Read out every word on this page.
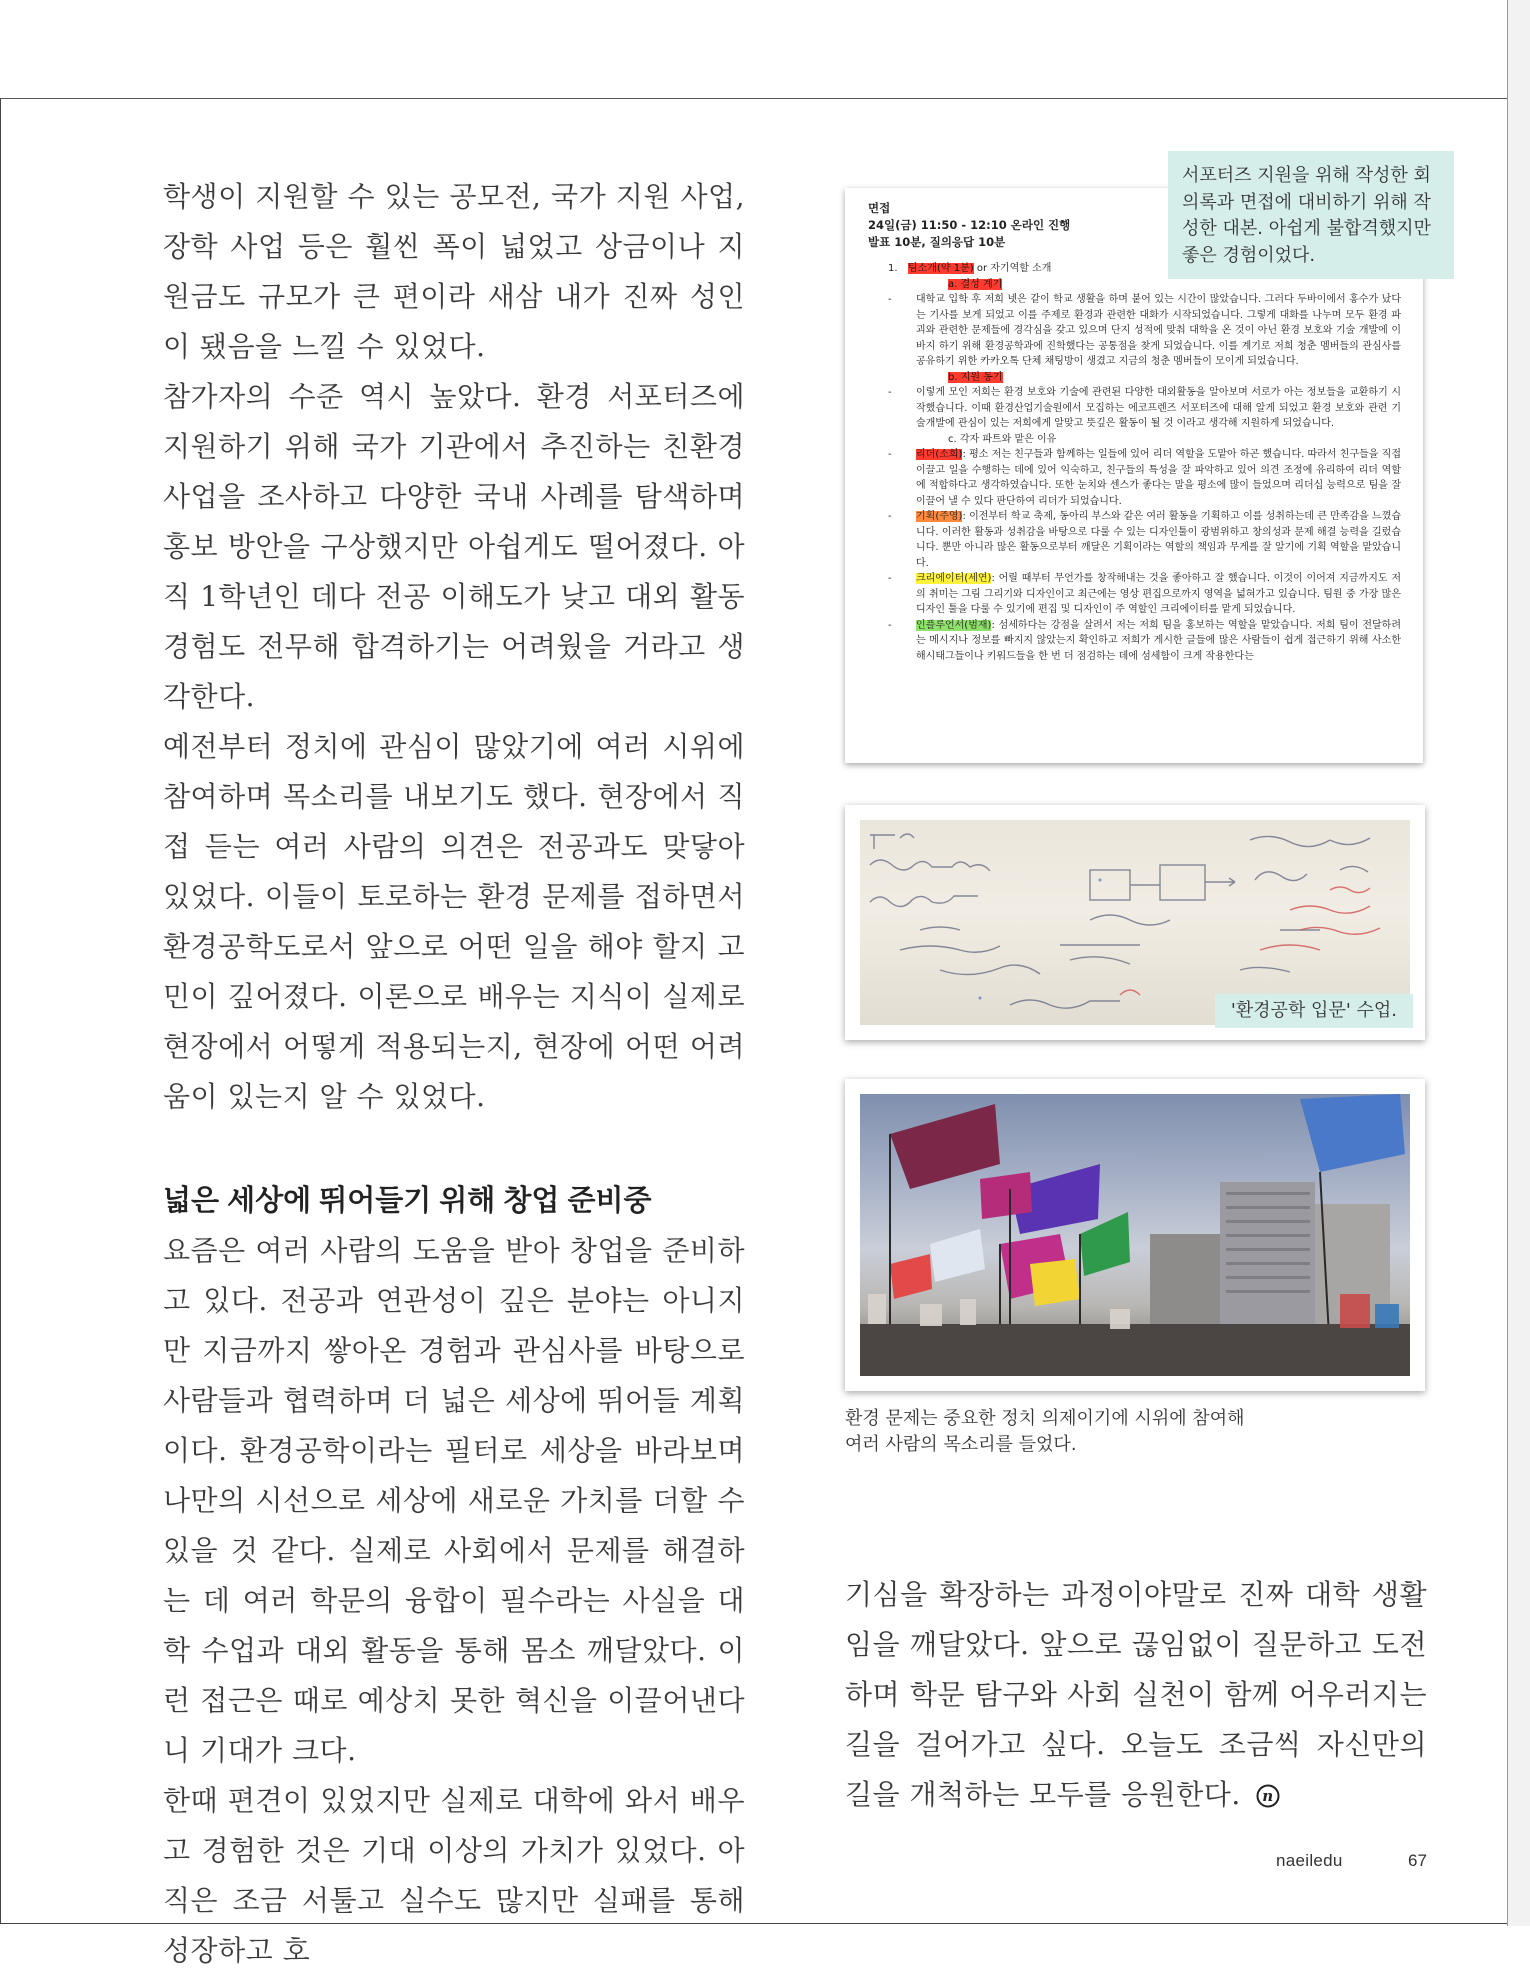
학생이 지원할 수 있는 공모전, 국가 지원 사업, 장학 사업 등은 훨씬 폭이 넓었고 상금이나 지원금도 규모가 큰 편이라 새삼 내가 진짜 성인이 됐음을 느낄 수 있었다.

참가자의 수준 역시 높았다. 환경 서포터즈에 지원하기 위해 국가 기관에서 추진하는 친환경 사업을 조사하고 다양한 국내 사례를 탐색하며 홍보 방안을 구상했지만 아쉽게도 떨어졌다. 아직 1학년인 데다 전공 이해도가 낮고 대외 활동 경험도 전무해 합격하기는 어려웠을 거라고 생각한다.

예전부터 정치에 관심이 많았기에 여러 시위에 참여하며 목소리를 내보기도 했다. 현장에서 직접 듣는 여러 사람의 의견은 전공과도 맞닿아 있었다. 이들이 토로하는 환경 문제를 접하면서 환경공학도로서 앞으로 어떤 일을 해야 할지 고민이 깊어졌다. 이론으로 배우는 지식이 실제로 현장에서 어떻게 적용되는지, 현장에 어떤 어려움이 있는지 알 수 있었다.

넓은 세상에 뛰어들기 위해 창업 준비중

요즘은 여러 사람의 도움을 받아 창업을 준비하고 있다. 전공과 연관성이 깊은 분야는 아니지만 지금까지 쌓아온 경험과 관심사를 바탕으로 사람들과 협력하며 더 넓은 세상에 뛰어들 계획이다. 환경공학이라는 필터로 세상을 바라보며 나만의 시선으로 세상에 새로운 가치를 더할 수 있을 것 같다. 실제로 사회에서 문제를 해결하는 데 여러 학문의 융합이 필수라는 사실을 대학 수업과 대외 활동을 통해 몸소 깨달았다. 이런 접근은 때로 예상치 못한 혁신을 이끌어낸다니 기대가 크다.

한때 편견이 있었지만 실제로 대학에 와서 배우고 경험한 것은 기대 이상의 가치가 있었다. 아직은 조금 서툴고 실수도 많지만 실패를 통해 성장하고 호

면접
24일(금) 11:50 - 12:10 온라인 진행
발표 10분, 질의응답 10분
1. 팀소개(약 1분) or 자기역할 소개
a. 결성 계기
- 대학교 입학 후 저희 넷은 같이 학교 생활을 하며 붙어 있는 시간이 많았습니다. 그러다 두바이에서 홍수가 났다는 기사를 보게 되었고 이를 주제로 환경과 관련한 대화가 시작되었습니다. 그렇게 대화를 나누며 모두 환경 파괴와 관련한 문제들에 경각심을 갖고 있으며 단지 성적에 맞춰 대학을 온 것이 아닌 환경 보호와 기술 개발에 이바지 하기 위해 환경공학과에 진학했다는 공통점을 찾게 되었습니다. 이를 계기로 저희 청춘 멤버들의 관심사를 공유하기 위한 카카오톡 단체 채팅방이 생겼고 지금의 청춘 멤버들이 모이게 되었습니다.
b. 지원 동기
- 이렇게 모인 저희는 환경 보호와 기술에 관련된 다양한 대외활동을 알아보며 서로가 아는 정보들을 교환하기 시작했습니다. 이때 환경산업기술원에서 모집하는 에코프렌즈 서포터즈에 대해 알게 되었고 환경 보호와 관련 기술개발에 관심이 있는 저희에게 알맞고 뜻깊은 활동이 될 것 이라고 생각해 지원하게 되었습니다.
c. 각자 파트와 맡은 이유
- 리더(소희): 평소 저는 친구들과 함께하는 일들에 있어 리더 역할을 도맡아 하곤 했습니다. 따라서 친구들을 직접 이끌고 일을 수행하는 데에 있어 익숙하고, 친구들의 특성을 잘 파악하고 있어 의견 조정에 유리하여 리더 역할에 적합하다고 생각하였습니다. 또한 눈치와 센스가 좋다는 말을 평소에 많이 들었으며 리더십 능력으로 팀을 잘 이끌어 낼 수 있다 판단하여 리더가 되었습니다.
- 기획(주영): 이전부터 학교 축제, 동아리 부스와 같은 여러 활동을 기획하고 이를 성취하는데 큰 만족감을 느꼈습니다. 이러한 활동과 성취감을 바탕으로 다룰 수 있는 디자인툴이 광범위하고 창의성과 문제 해결 능력을 길렀습니다. 뿐만 아니라 많은 활동으로부터 깨달은 기획이라는 역할의 책임과 무게를 잘 알기에 기획 역할을 맡았습니다.
- 크리에이터(세연): 어릴 때부터 무언가를 창작해내는 것을 좋아하고 잘 했습니다. 이것이 이어져 지금까지도 저의 취미는 그림 그리기와 디자인이고 최근에는 영상 편집으로까지 영역을 넓혀가고 있습니다. 팀원 중 가장 많은 디자인 툴을 다룰 수 있기에 편집 및 디자인이 주 역할인 크리에이터를 맡게 되었습니다.
- 인플루언서(범재): 섬세하다는 강점을 살려서 저는 저희 팀을 홍보하는 역할을 맡았습니다. 저희 팀이 전달하려는 메시지나 정보를 빠지지 않았는지 확인하고 저희가 게시한 글들에 많은 사람들이 쉽게 접근하기 위해 사소한 해시태그들이나 키워드들을 한 번 더 점검하는 데에 섬세함이 크게 작용한다는
서포터즈 지원을 위해 작성한 회의록과 면접에 대비하기 위해 작성한 대본. 아쉽게 불합격했지만 좋은 경험이었다.
'환경공학 입문' 수업.
환경 문제는 중요한 정치 의제이기에 시위에 참여해
여러 사람의 목소리를 들었다.

기심을 확장하는 과정이야말로 진짜 대학 생활임을 깨달았다. 앞으로 끊임없이 질문하고 도전하며 학문 탐구와 사회 실천이 함께 어우러지는 길을 걸어가고 싶다. 오늘도 조금씩 자신만의 길을 개척하는 모두를 응원한다. n

naeiledu	67
